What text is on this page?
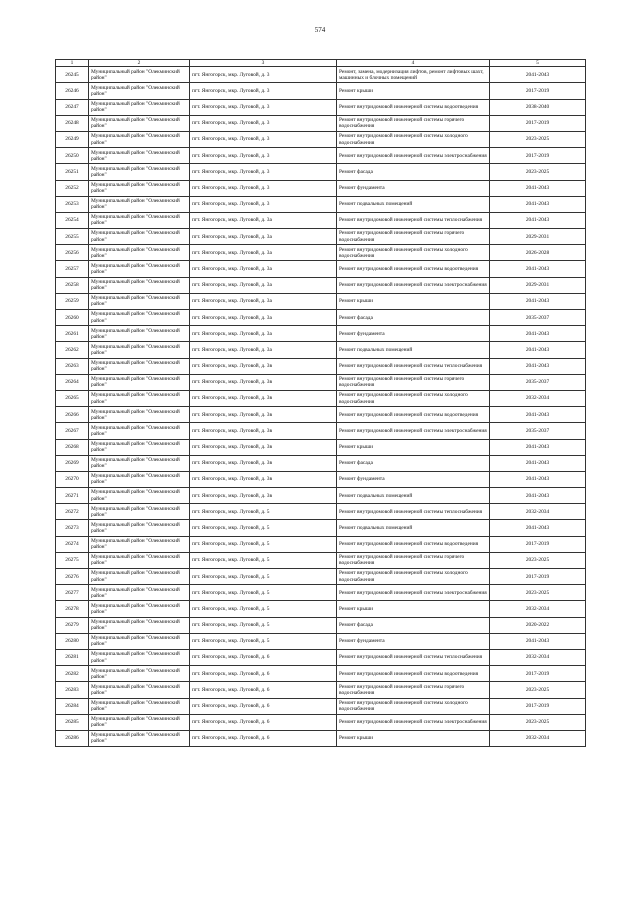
574
1	2	3	4	5
26245	Муниципальный район "Олекминский район"	пгт. Янгогорск, мкр. Луговой, д. 3	Ремонт, замена, модернизация лифтов, ремонт лифтовых шахт, машинных и блочных помещений	2041-2043
26246	Муниципальный район "Олекминский район"	пгт. Янгогорск, мкр. Луговой, д. 3	Ремонт крыши	2017-2019
26247	Муниципальный район "Олекминский район"	пгт. Янгогорск, мкр. Луговой, д. 3	Ремонт внутридомовой инженерной системы водоотведения	2038-2040
26248	Муниципальный район "Олекминский район"	пгт. Янгогорск, мкр. Луговой, д. 3	Ремонт внутридомовой инженерной системы горячего водоснабжения	2017-2019
26249	Муниципальный район "Олекминский район"	пгт. Янгогорск, мкр. Луговой, д. 3	Ремонт внутридомовой инженерной системы холодного водоснабжения	2023-2025
26250	Муниципальный район "Олекминский район"	пгт. Янгогорск, мкр. Луговой, д. 3	Ремонт внутридомовой инженерной системы электроснабжения	2017-2019
26251	Муниципальный район "Олекминский район"	пгт. Янгогорск, мкр. Луговой, д. 3	Ремонт фасада	2023-2025
26252	Муниципальный район "Олекминский район"	пгт. Янгогорск, мкр. Луговой, д. 3	Ремонт фундамента	2041-2043
26253	Муниципальный район "Олекминский район"	пгт. Янгогорск, мкр. Луговой, д. 3	Ремонт подвальных помещений	2041-2043
26254	Муниципальный район "Олекминский район"	пгт. Янгогорск, мкр. Луговой, д. 3а	Ремонт внутридомовой инженерной системы теплоснабжения	2041-2043
26255	Муниципальный район "Олекминский район"	пгт. Янгогорск, мкр. Луговой, д. 3а	Ремонт внутридомовой инженерной системы горячего водоснабжения	2029-2031
26256	Муниципальный район "Олекминский район"	пгт. Янгогорск, мкр. Луговой, д. 3а	Ремонт внутридомовой инженерной системы холодного водоснабжения	2026-2028
26257	Муниципальный район "Олекминский район"	пгт. Янгогорск, мкр. Луговой, д. 3а	Ремонт внутридомовой инженерной системы водоотведения	2041-2043
26258	Муниципальный район "Олекминский район"	пгт. Янгогорск, мкр. Луговой, д. 3а	Ремонт внутридомовой инженерной системы электроснабжения	2029-2031
26259	Муниципальный район "Олекминский район"	пгт. Янгогорск, мкр. Луговой, д. 3а	Ремонт крыши	2041-2043
26260	Муниципальный район "Олекминский район"	пгт. Янгогорск, мкр. Луговой, д. 3а	Ремонт фасада	2035-2037
26261	Муниципальный район "Олекминский район"	пгт. Янгогорск, мкр. Луговой, д. 3а	Ремонт фундамента	2041-2043
26262	Муниципальный район "Олекминский район"	пгт. Янгогорск, мкр. Луговой, д. 3а	Ремонт подвальных помещений	2041-2043
26263	Муниципальный район "Олекминский район"	пгт. Янгогорск, мкр. Луговой, д. 3в	Ремонт внутридомовой инженерной системы теплоснабжения	2041-2043
26264	Муниципальный район "Олекминский район"	пгт. Янгогорск, мкр. Луговой, д. 3в	Ремонт внутридомовой инженерной системы горячего водоснабжения	2035-2037
26265	Муниципальный район "Олекминский район"	пгт. Янгогорск, мкр. Луговой, д. 3в	Ремонт внутридомовой инженерной системы холодного водоснабжения	2032-2034
26266	Муниципальный район "Олекминский район"	пгт. Янгогорск, мкр. Луговой, д. 3в	Ремонт внутридомовой инженерной системы водоотведения	2041-2043
26267	Муниципальный район "Олекминский район"	пгт. Янгогорск, мкр. Луговой, д. 3в	Ремонт внутридомовой инженерной системы электроснабжения	2035-2037
26268	Муниципальный район "Олекминский район"	пгт. Янгогорск, мкр. Луговой, д. 3в	Ремонт крыши	2041-2043
26269	Муниципальный район "Олекминский район"	пгт. Янгогорск, мкр. Луговой, д. 3в	Ремонт фасада	2041-2043
26270	Муниципальный район "Олекминский район"	пгт. Янгогорск, мкр. Луговой, д. 3в	Ремонт фундамента	2041-2043
26271	Муниципальный район "Олекминский район"	пгт. Янгогорск, мкр. Луговой, д. 3в	Ремонт подвальных помещений	2041-2043
26272	Муниципальный район "Олекминский район"	пгт. Янгогорск, мкр. Луговой, д. 5	Ремонт внутридомовой инженерной системы теплоснабжения	2032-2034
26273	Муниципальный район "Олекминский район"	пгт. Янгогорск, мкр. Луговой, д. 5	Ремонт подвальных помещений	2041-2043
26274	Муниципальный район "Олекминский район"	пгт. Янгогорск, мкр. Луговой, д. 5	Ремонт внутридомовой инженерной системы водоотведения	2017-2019
26275	Муниципальный район "Олекминский район"	пгт. Янгогорск, мкр. Луговой, д. 5	Ремонт внутридомовой инженерной системы горячего водоснабжения	2023-2025
26276	Муниципальный район "Олекминский район"	пгт. Янгогорск, мкр. Луговой, д. 5	Ремонт внутридомовой инженерной системы холодного водоснабжения	2017-2019
26277	Муниципальный район "Олекминский район"	пгт. Янгогорск, мкр. Луговой, д. 5	Ремонт внутридомовой инженерной системы электроснабжения	2023-2025
26278	Муниципальный район "Олекминский район"	пгт. Янгогорск, мкр. Луговой, д. 5	Ремонт крыши	2032-2034
26279	Муниципальный район "Олекминский район"	пгт. Янгогорск, мкр. Луговой, д. 5	Ремонт фасада	2020-2022
26280	Муниципальный район "Олекминский район"	пгт. Янгогорск, мкр. Луговой, д. 5	Ремонт фундамента	2041-2043
26281	Муниципальный район "Олекминский район"	пгт. Янгогорск, мкр. Луговой, д. 6	Ремонт внутридомовой инженерной системы теплоснабжения	2032-2034
26282	Муниципальный район "Олекминский район"	пгт. Янгогорск, мкр. Луговой, д. 6	Ремонт внутридомовой инженерной системы водоотведения	2017-2019
26283	Муниципальный район "Олекминский район"	пгт. Янгогорск, мкр. Луговой, д. 6	Ремонт внутридомовой инженерной системы горячего водоснабжения	2023-2025
26284	Муниципальный район "Олекминский район"	пгт. Янгогорск, мкр. Луговой, д. 6	Ремонт внутридомовой инженерной системы холодного водоснабжения	2017-2019
26285	Муниципальный район "Олекминский район"	пгт. Янгогорск, мкр. Луговой, д. 6	Ремонт внутридомовой инженерной системы электроснабжения	2023-2025
26286	Муниципальный район "Олекминский район"	пгт. Янгогорск, мкр. Луговой, д. 6	Ремонт крыши	2032-2034
